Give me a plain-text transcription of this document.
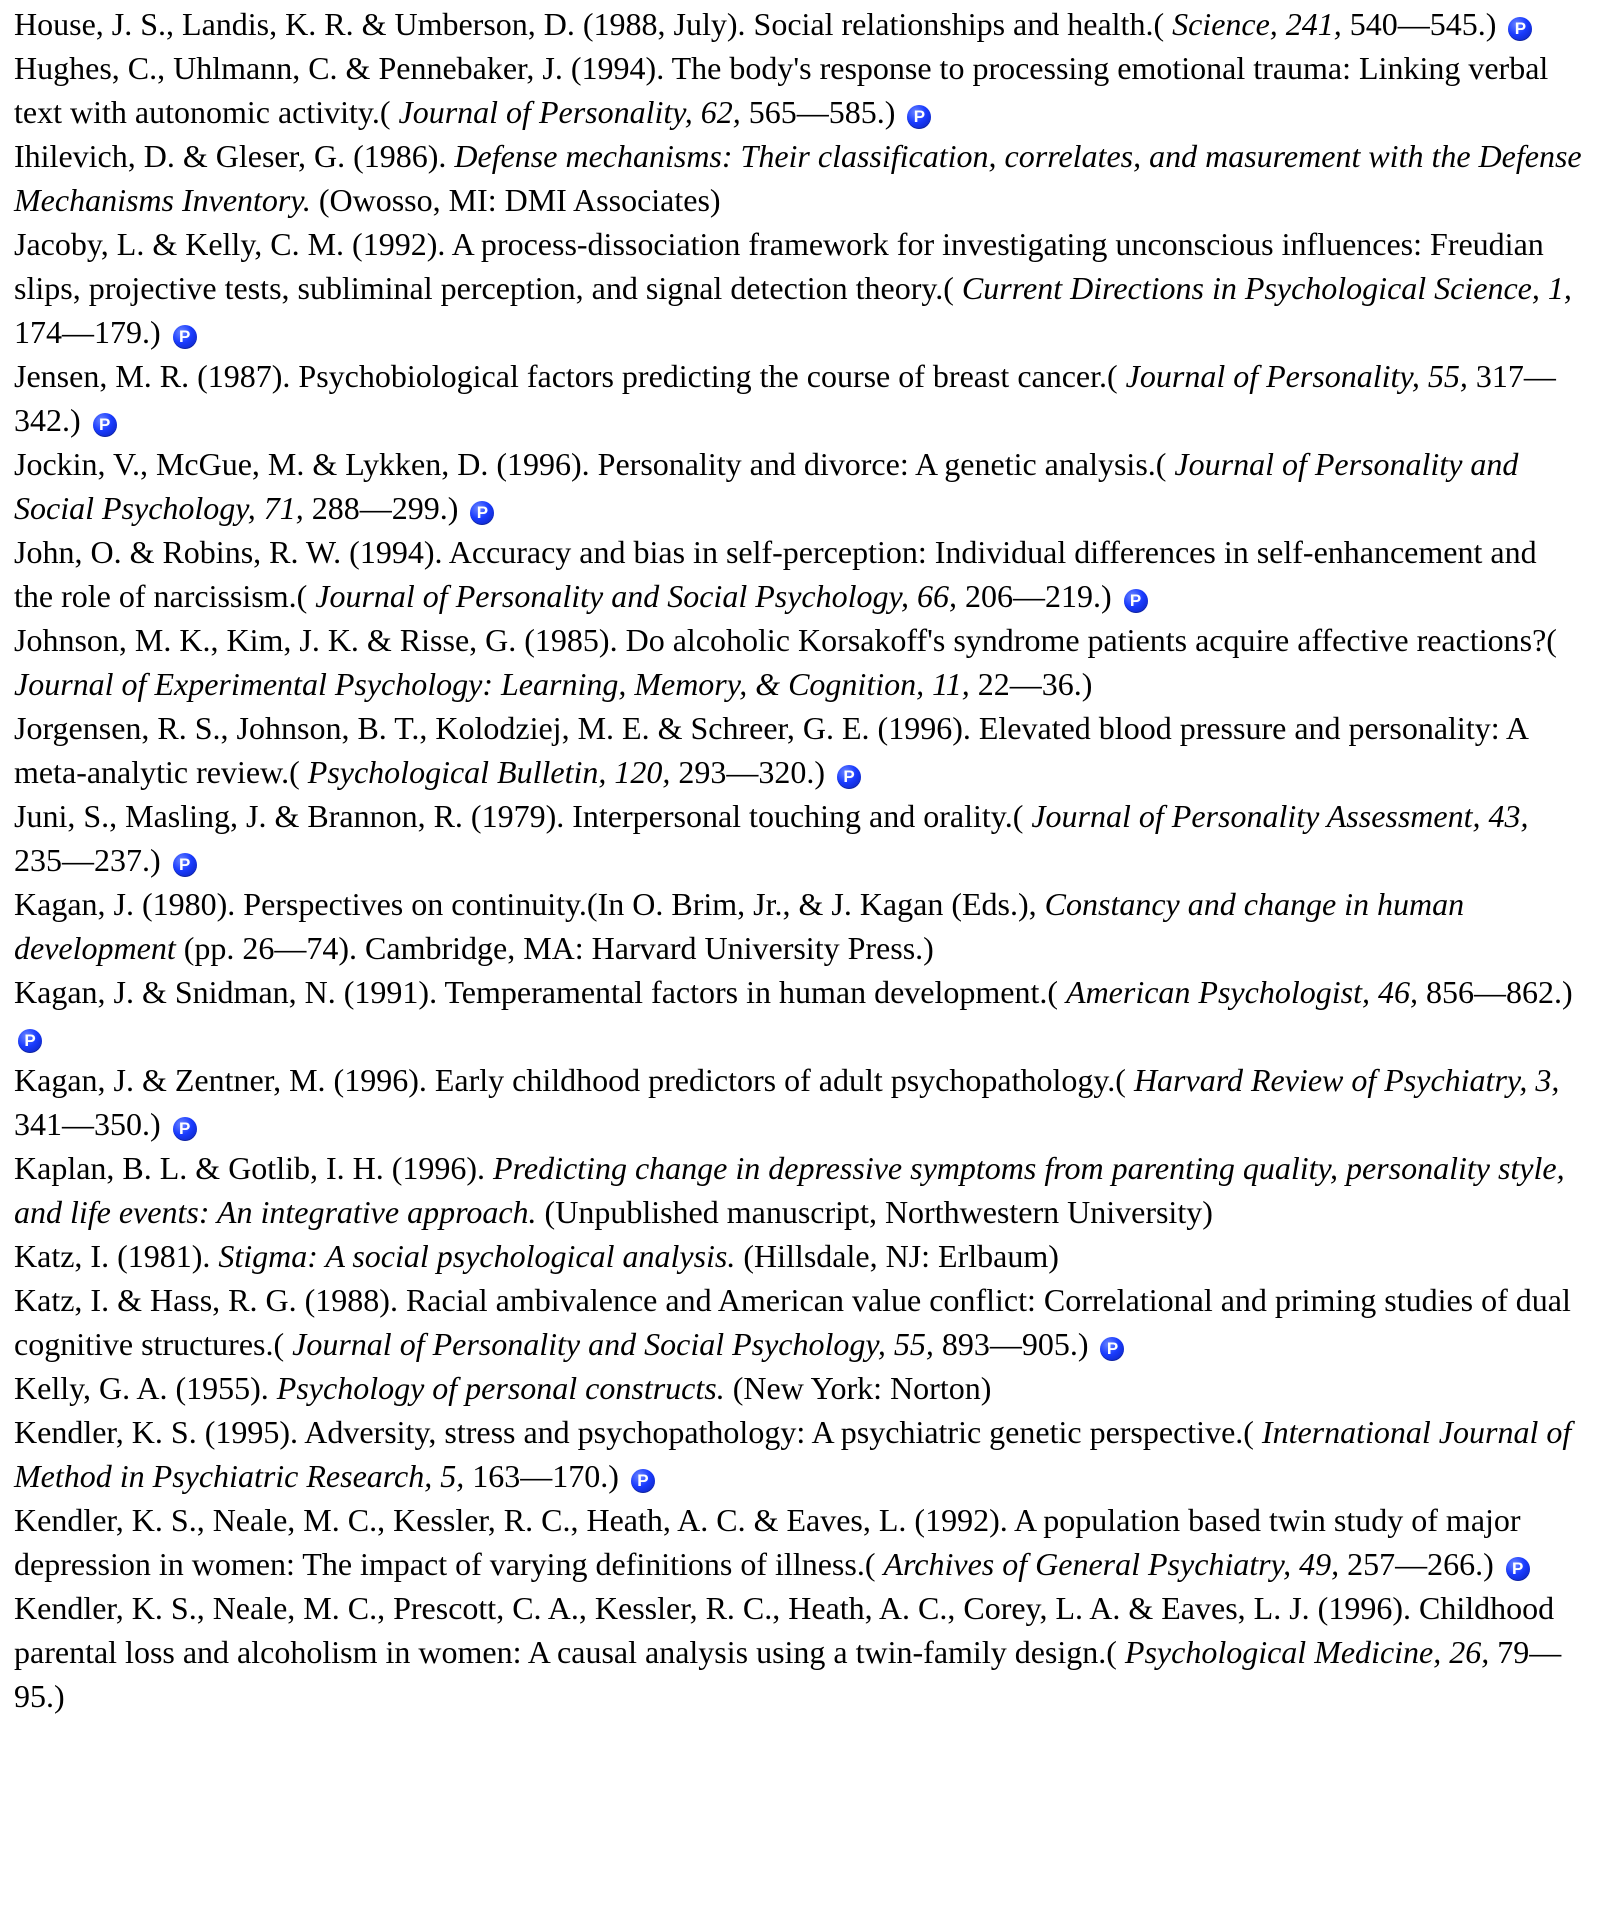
House, J. S., Landis, K. R. & Umberson, D. (1988, July). Social relationships and health.( Science, 241, 540—545.) P
Hughes, C., Uhlmann, C. & Pennebaker, J. (1994). The body's response to processing emotional trauma: Linking verbal text with autonomic activity.( Journal of Personality, 62, 565—585.) P
Ihilevich, D. & Gleser, G. (1986). Defense mechanisms: Their classification, correlates, and masurement with the Defense Mechanisms Inventory. (Owosso, MI: DMI Associates)
Jacoby, L. & Kelly, C. M. (1992). A process-dissociation framework for investigating unconscious influences: Freudian slips, projective tests, subliminal perception, and signal detection theory.( Current Directions in Psychological Science, 1, 174—179.) P
Jensen, M. R. (1987). Psychobiological factors predicting the course of breast cancer.( Journal of Personality, 55, 317—342.) P
Jockin, V., McGue, M. & Lykken, D. (1996). Personality and divorce: A genetic analysis.( Journal of Personality and Social Psychology, 71, 288—299.) P
John, O. & Robins, R. W. (1994). Accuracy and bias in self-perception: Individual differences in self-enhancement and the role of narcissism.( Journal of Personality and Social Psychology, 66, 206—219.) P
Johnson, M. K., Kim, J. K. & Risse, G. (1985). Do alcoholic Korsakoff's syndrome patients acquire affective reactions?( Journal of Experimental Psychology: Learning, Memory, & Cognition, 11, 22—36.)
Jorgensen, R. S., Johnson, B. T., Kolodziej, M. E. & Schreer, G. E. (1996). Elevated blood pressure and personality: A meta-analytic review.( Psychological Bulletin, 120, 293—320.) P
Juni, S., Masling, J. & Brannon, R. (1979). Interpersonal touching and orality.( Journal of Personality Assessment, 43, 235—237.) P
Kagan, J. (1980). Perspectives on continuity.(In O. Brim, Jr., & J. Kagan (Eds.), Constancy and change in human development (pp. 26—74). Cambridge, MA: Harvard University Press.)
Kagan, J. & Snidman, N. (1991). Temperamental factors in human development.( American Psychologist, 46, 856—862.) P
Kagan, J. & Zentner, M. (1996). Early childhood predictors of adult psychopathology.( Harvard Review of Psychiatry, 3, 341—350.) P
Kaplan, B. L. & Gotlib, I. H. (1996). Predicting change in depressive symptoms from parenting quality, personality style, and life events: An integrative approach. (Unpublished manuscript, Northwestern University)
Katz, I. (1981). Stigma: A social psychological analysis. (Hillsdale, NJ: Erlbaum)
Katz, I. & Hass, R. G. (1988). Racial ambivalence and American value conflict: Correlational and priming studies of dual cognitive structures.( Journal of Personality and Social Psychology, 55, 893—905.) P
Kelly, G. A. (1955). Psychology of personal constructs. (New York: Norton)
Kendler, K. S. (1995). Adversity, stress and psychopathology: A psychiatric genetic perspective.( International Journal of Method in Psychiatric Research, 5, 163—170.) P
Kendler, K. S., Neale, M. C., Kessler, R. C., Heath, A. C. & Eaves, L. (1992). A population based twin study of major depression in women: The impact of varying definitions of illness.( Archives of General Psychiatry, 49, 257—266.) P
Kendler, K. S., Neale, M. C., Prescott, C. A., Kessler, R. C., Heath, A. C., Corey, L. A. & Eaves, L. J. (1996). Childhood parental loss and alcoholism in women: A causal analysis using a twin-family design.( Psychological Medicine, 26, 79—95.)
